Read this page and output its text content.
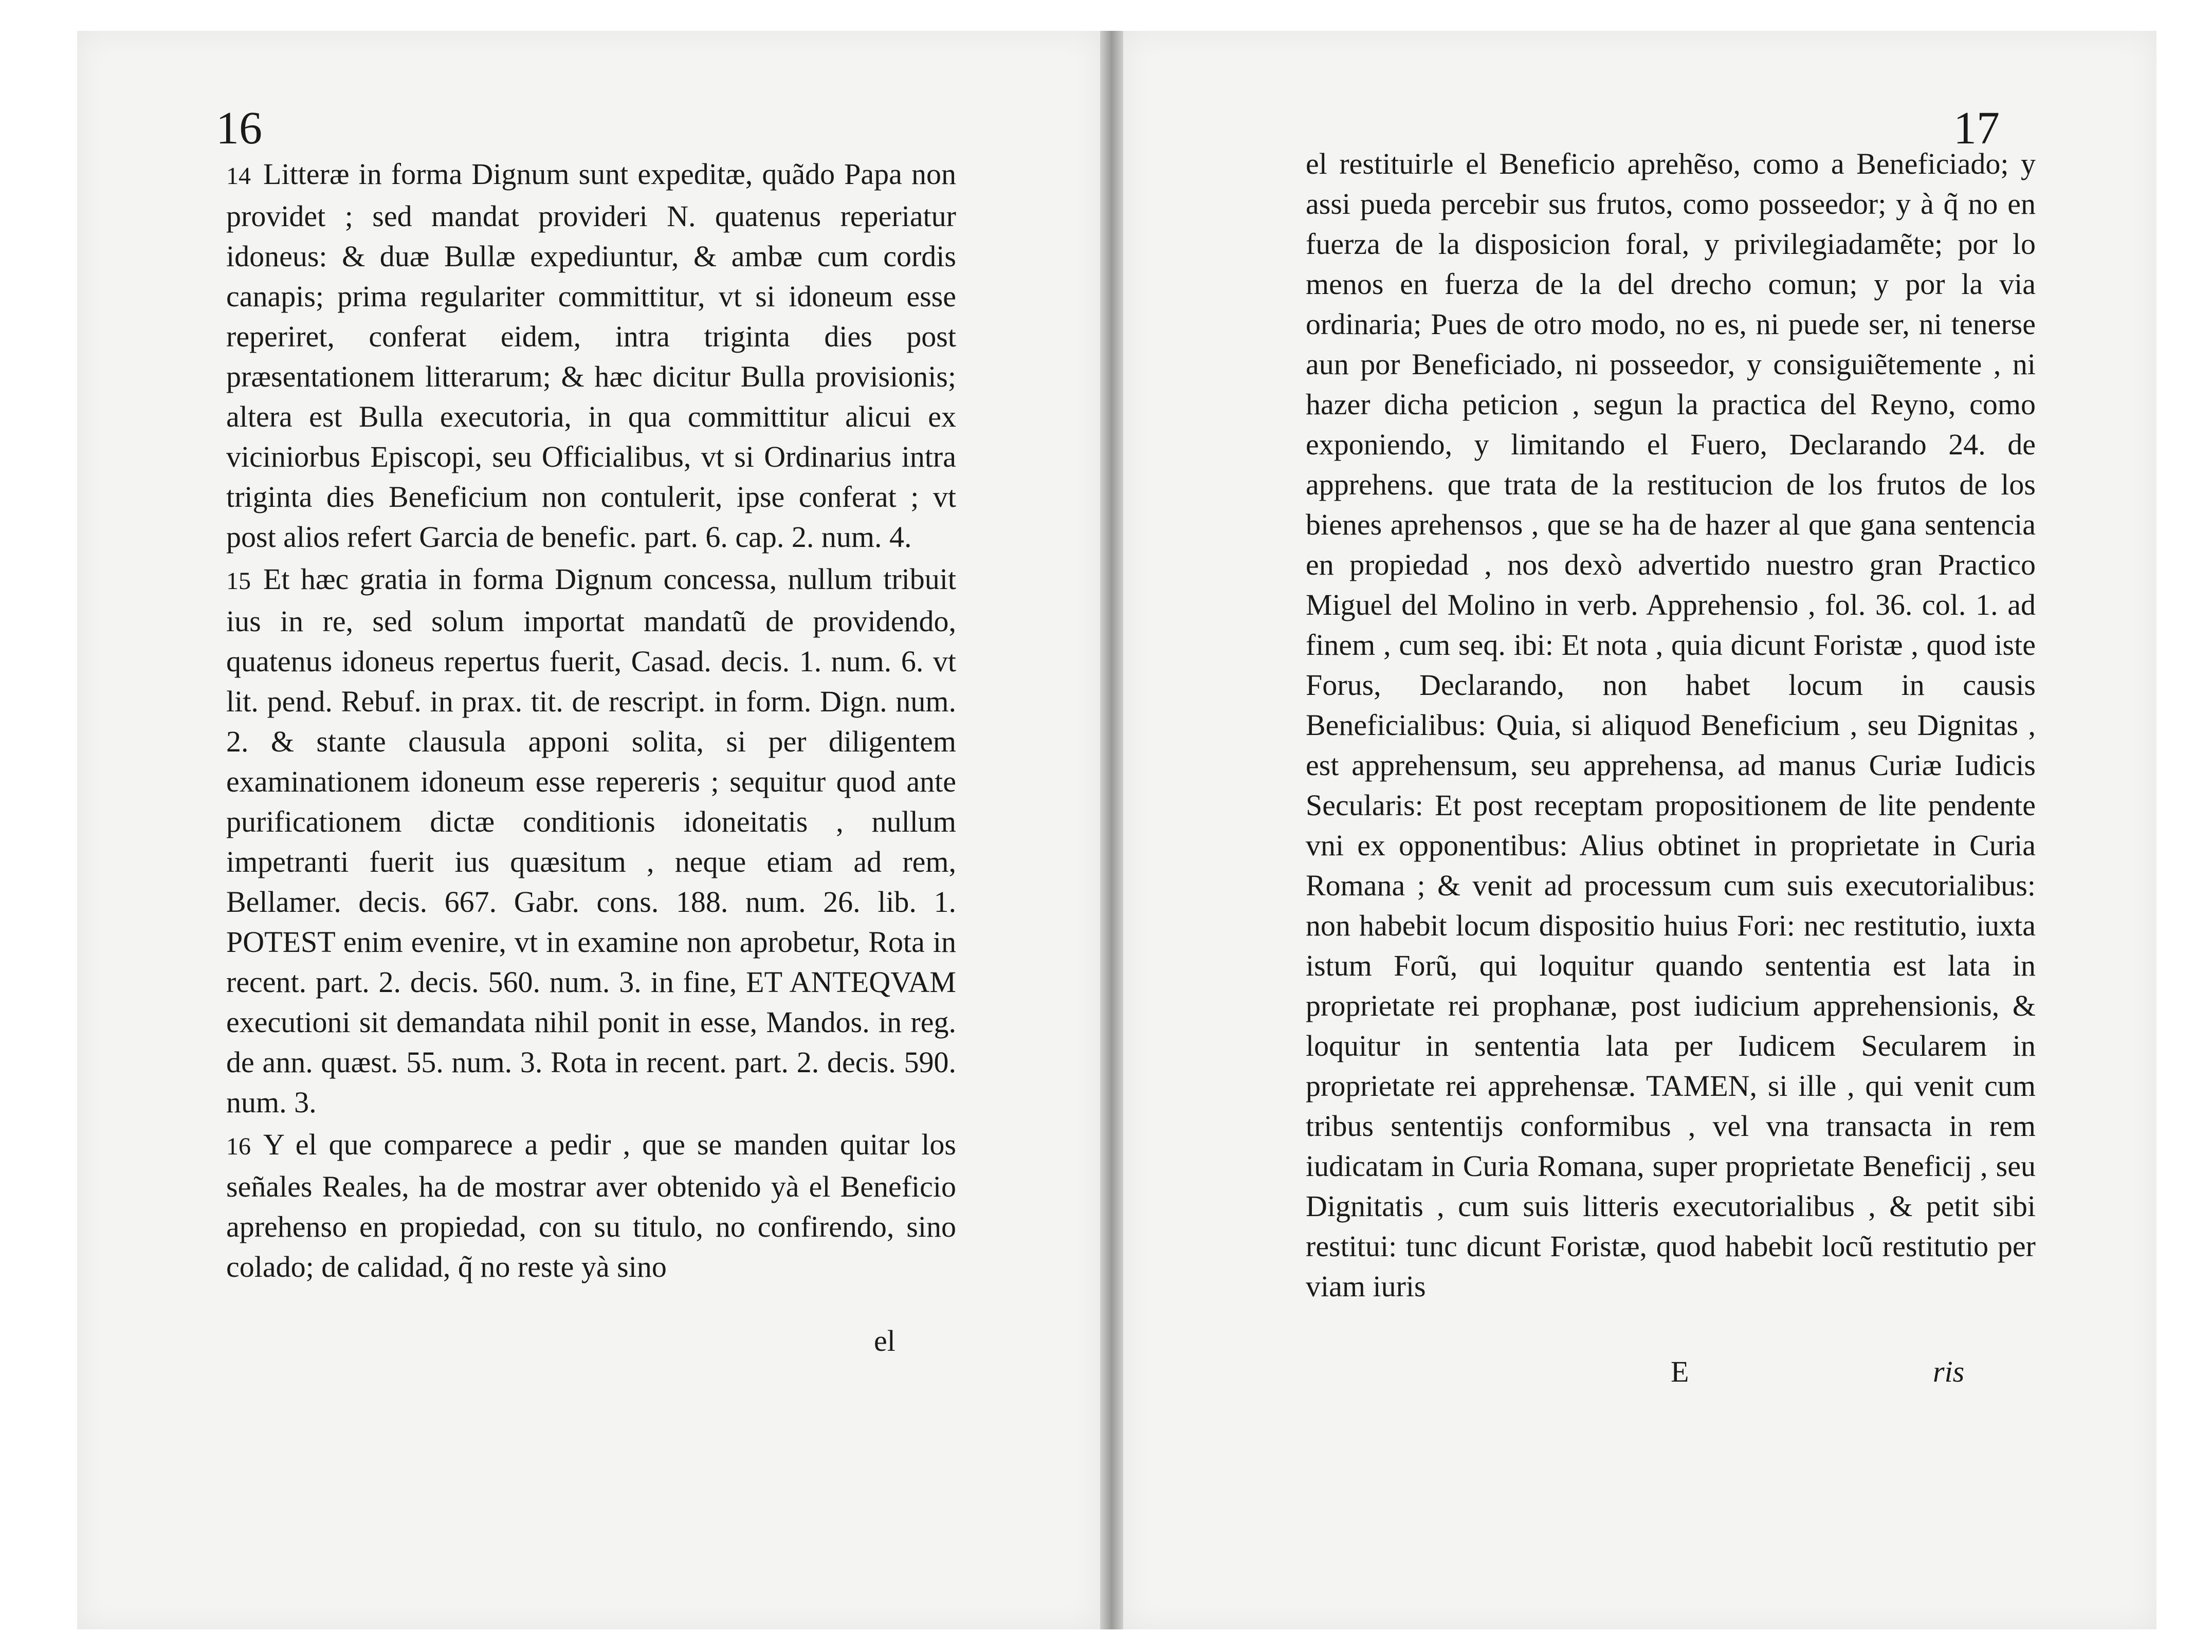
16	17

14 Litteræ in forma Dignum sunt expeditæ, quãdo Papa non providet ; sed mandat provideri N. quatenus reperiatur idoneus: & duæ Bullæ expediuntur, & ambæ cum cordis canapis; prima regulariter committitur, vt si idoneum esse reperiret, conferat eidem, intra triginta dies post præsentationem litterarum; & hæc dicitur Bulla provisionis; altera est Bulla executoria, in qua committitur alicui ex viciniorbus Episcopi, seu Officialibus, vt si Ordinarius intra triginta dies Beneficium non contulerit, ipse conferat ; vt post alios refert Garcia de benefic. part. 6. cap. 2. num. 4.

15 Et hæc gratia in forma Dignum concessa, nullum tribuit ius in re, sed solum importat mandatũ de providendo, quatenus idoneus repertus fuerit, Casad. decis. 1. num. 6. vt lit. pend. Rebuf. in prax. tit. de rescript. in form. Dign. num. 2. & stante clausula apponi solita, si per diligentem examinationem idoneum esse repereris ; sequitur quod ante purificationem dictæ conditionis idoneitatis , nullum impetranti fuerit ius quæsitum , neque etiam ad rem, Bellamer. decis. 667. Gabr. cons. 188. num. 26. lib. 1. POTEST enim evenire, vt in examine non aprobetur, Rota in recent. part. 2. decis. 560. num. 3. in fine, ET ANTEQVAM executioni sit demandata nihil ponit in esse, Mandos. in reg. de ann. quæst. 55. num. 3. Rota in recent. part. 2. decis. 590. num. 3.

16 Y el que comparece a pedir , que se manden quitar los señales Reales, ha de mostrar aver obtenido yà el Beneficio aprehenso en propiedad, con su titulo, no confirendo, sino colado; de calidad, q̃ no reste yà sino

el

el restituirle el Beneficio aprehẽso, como a Beneficiado; y assi pueda percebir sus frutos, como posseedor; y à q̃ no en fuerza de la disposicion foral, y privilegiadamẽte; por lo menos en fuerza de la del drecho comun; y por la via ordinaria; Pues de otro modo, no es, ni puede ser, ni tenerse aun por Beneficiado, ni posseedor, y consiguiẽtemente , ni hazer dicha peticion , segun la practica del Reyno, como exponiendo, y limitando el Fuero, Declarando 24. de apprehens. que trata de la restitucion de los frutos de los bienes aprehensos , que se ha de hazer al que gana sentencia en propiedad , nos dexò advertido nuestro gran Practico Miguel del Molino in verb. Apprehensio , fol. 36. col. 1. ad finem , cum seq. ibi: Et nota , quia dicunt Foristæ , quod iste Forus, Declarando, non habet locum in causis Beneficialibus: Quia, si aliquod Beneficium , seu Dignitas , est apprehensum, seu apprehensa, ad manus Curiæ Iudicis Secularis: Et post receptam propositionem de lite pendente vni ex opponentibus: Alius obtinet in proprietate in Curia Romana ; & venit ad processum cum suis executorialibus: non habebit locum dispositio huius Fori: nec restitutio, iuxta istum Forũ, qui loquitur quando sententia est lata in proprietate rei prophanæ, post iudicium apprehensionis, & loquitur in sententia lata per Iudicem Secularem in proprietate rei apprehensæ. TAMEN, si ille , qui venit cum tribus sententijs conformibus , vel vna transacta in rem iudicatam in Curia Romana, super proprietate Beneficij , seu Dignitatis , cum suis litteris executorialibus , & petit sibi restitui: tunc dicunt Foristæ, quod habebit locũ restitutio per viam iuris

E	ris
